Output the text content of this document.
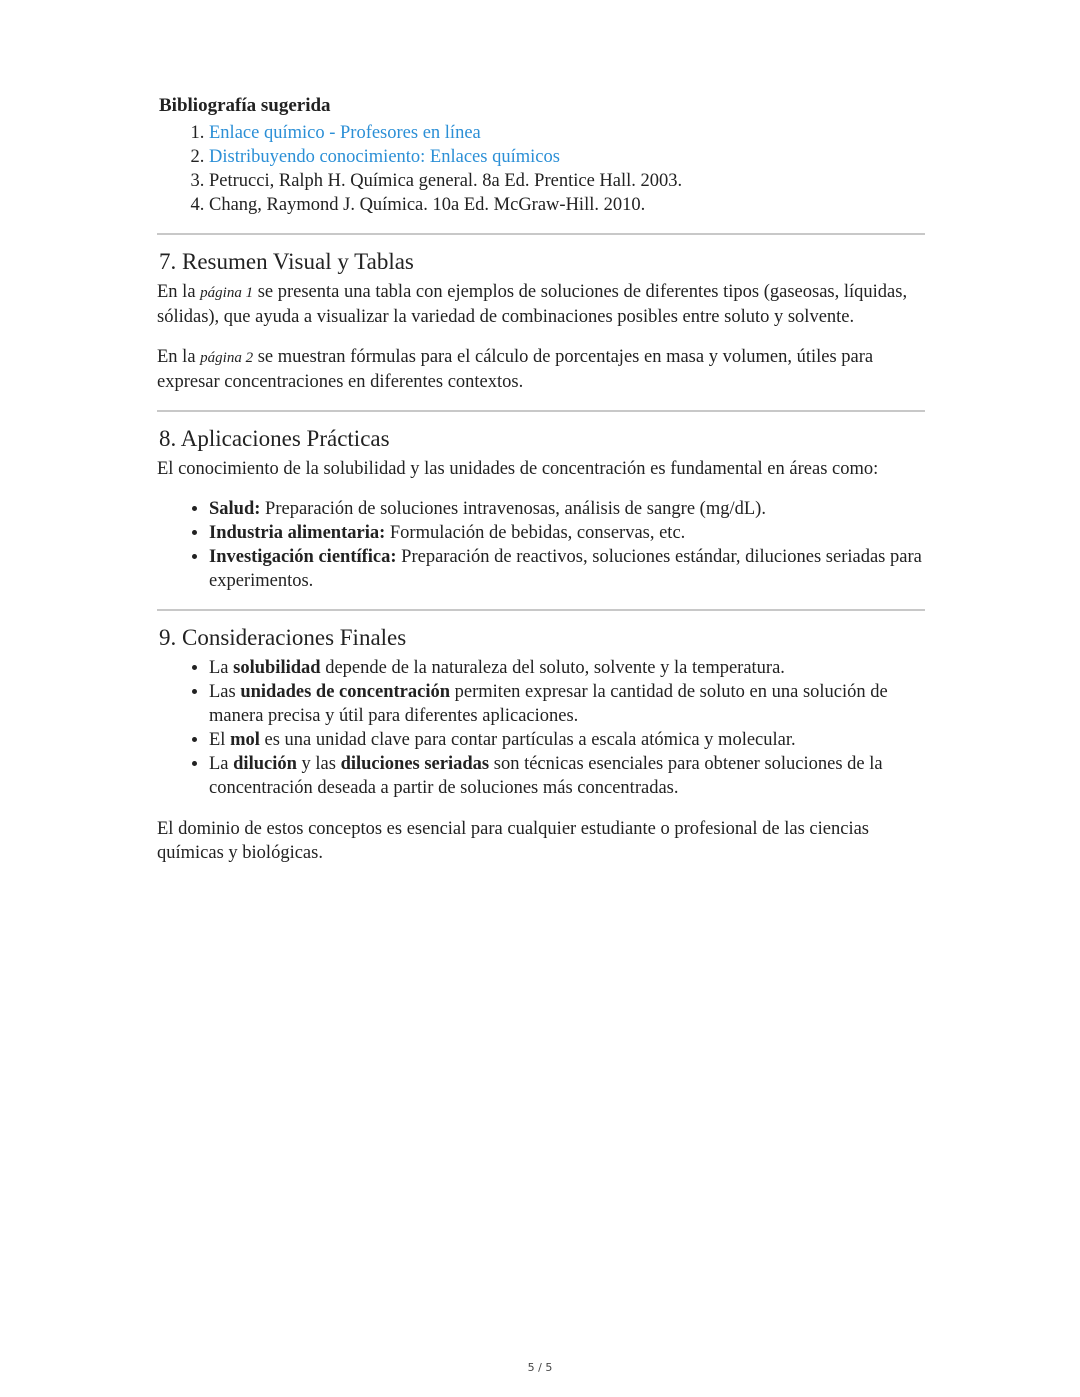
Bibliografía sugerida
1. Enlace químico - Profesores en línea
2. Distribuyendo conocimiento: Enlaces químicos
3. Petrucci, Ralph H. Química general. 8a Ed. Prentice Hall. 2003.
4. Chang, Raymond J. Química. 10a Ed. McGraw-Hill. 2010.
7. Resumen Visual y Tablas

En la página 1 se presenta una tabla con ejemplos de soluciones de diferentes tipos (gaseosas, líquidas, sólidas), que ayuda a visualizar la variedad de combinaciones posibles entre soluto y solvente.

En la página 2 se muestran fórmulas para el cálculo de porcentajes en masa y volumen, útiles para expresar concentraciones en diferentes contextos.

8. Aplicaciones Prácticas

El conocimiento de la solubilidad y las unidades de concentración es fundamental en áreas como:

• Salud: Preparación de soluciones intravenosas, análisis de sangre (mg/dL).
• Industria alimentaria: Formulación de bebidas, conservas, etc.
• Investigación científica: Preparación de reactivos, soluciones estándar, diluciones seriadas para experimentos.
9. Consideraciones Finales
• La solubilidad depende de la naturaleza del soluto, solvente y la temperatura.
• Las unidades de concentración permiten expresar la cantidad de soluto en una solución de manera precisa y útil para diferentes aplicaciones.
• El mol es una unidad clave para contar partículas a escala atómica y molecular.
• La dilución y las diluciones seriadas son técnicas esenciales para obtener soluciones de la concentración deseada a partir de soluciones más concentradas.

El dominio de estos conceptos es esencial para cualquier estudiante o profesional de las ciencias químicas y biológicas.

5 / 5
